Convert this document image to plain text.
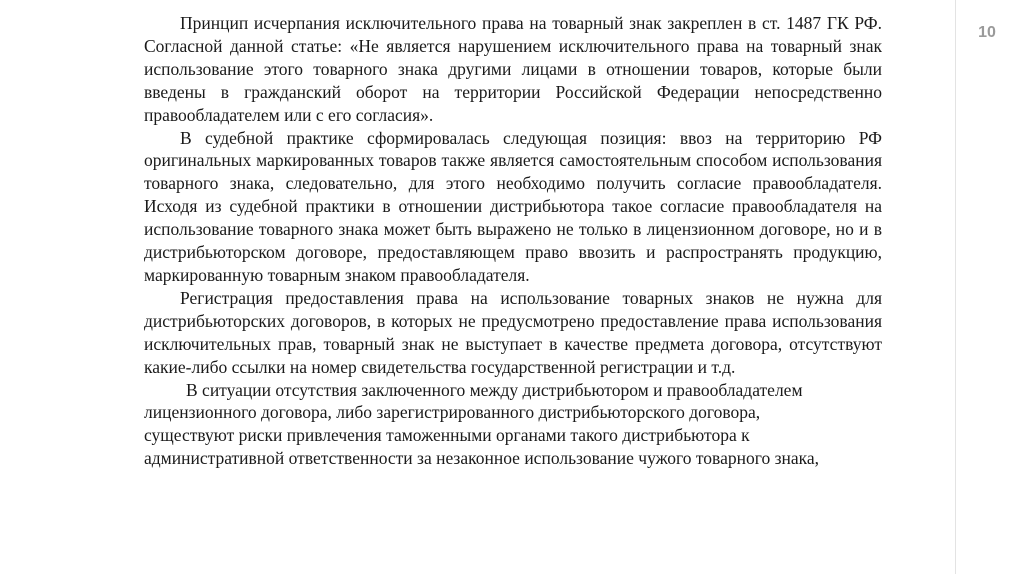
10

Принцип исчерпания исключительного права на товарный знак закреплен в ст. 1487 ГК РФ. Согласной данной статье: «Не является нарушением исключительного права на товарный знак использование этого товарного знака другими лицами в отношении товаров, которые были введены в гражданский оборот на территории Российской Федерации непосредственно правообладателем или с его согласия».

В судебной практике сформировалась следующая позиция: ввоз на территорию РФ оригинальных маркированных товаров также является самостоятельным способом использования товарного знака, следовательно, для этого необходимо получить согласие правообладателя. Исходя из судебной практики в отношении дистрибьютора такое согласие правообладателя на использование товарного знака может быть выражено не только в лицензионном договоре, но и в дистрибьюторском договоре, предоставляющем право ввозить и распространять продукцию, маркированную товарным знаком правообладателя.

Регистрация предоставления права на использование товарных знаков не нужна для дистрибьюторских договоров, в которых не предусмотрено предоставление права использования исключительных прав, товарный знак не выступает в качестве предмета договора, отсутствуют какие-либо ссылки на номер свидетельства государственной регистрации и т.д.

В ситуации отсутствия заключенного между дистрибьютором и правообладателем лицензионного договора, либо зарегистрированного дистрибьюторского договора, существуют риски привлечения таможенными органами такого дистрибьютора к административной ответственности за незаконное использование чужого товарного знака,
